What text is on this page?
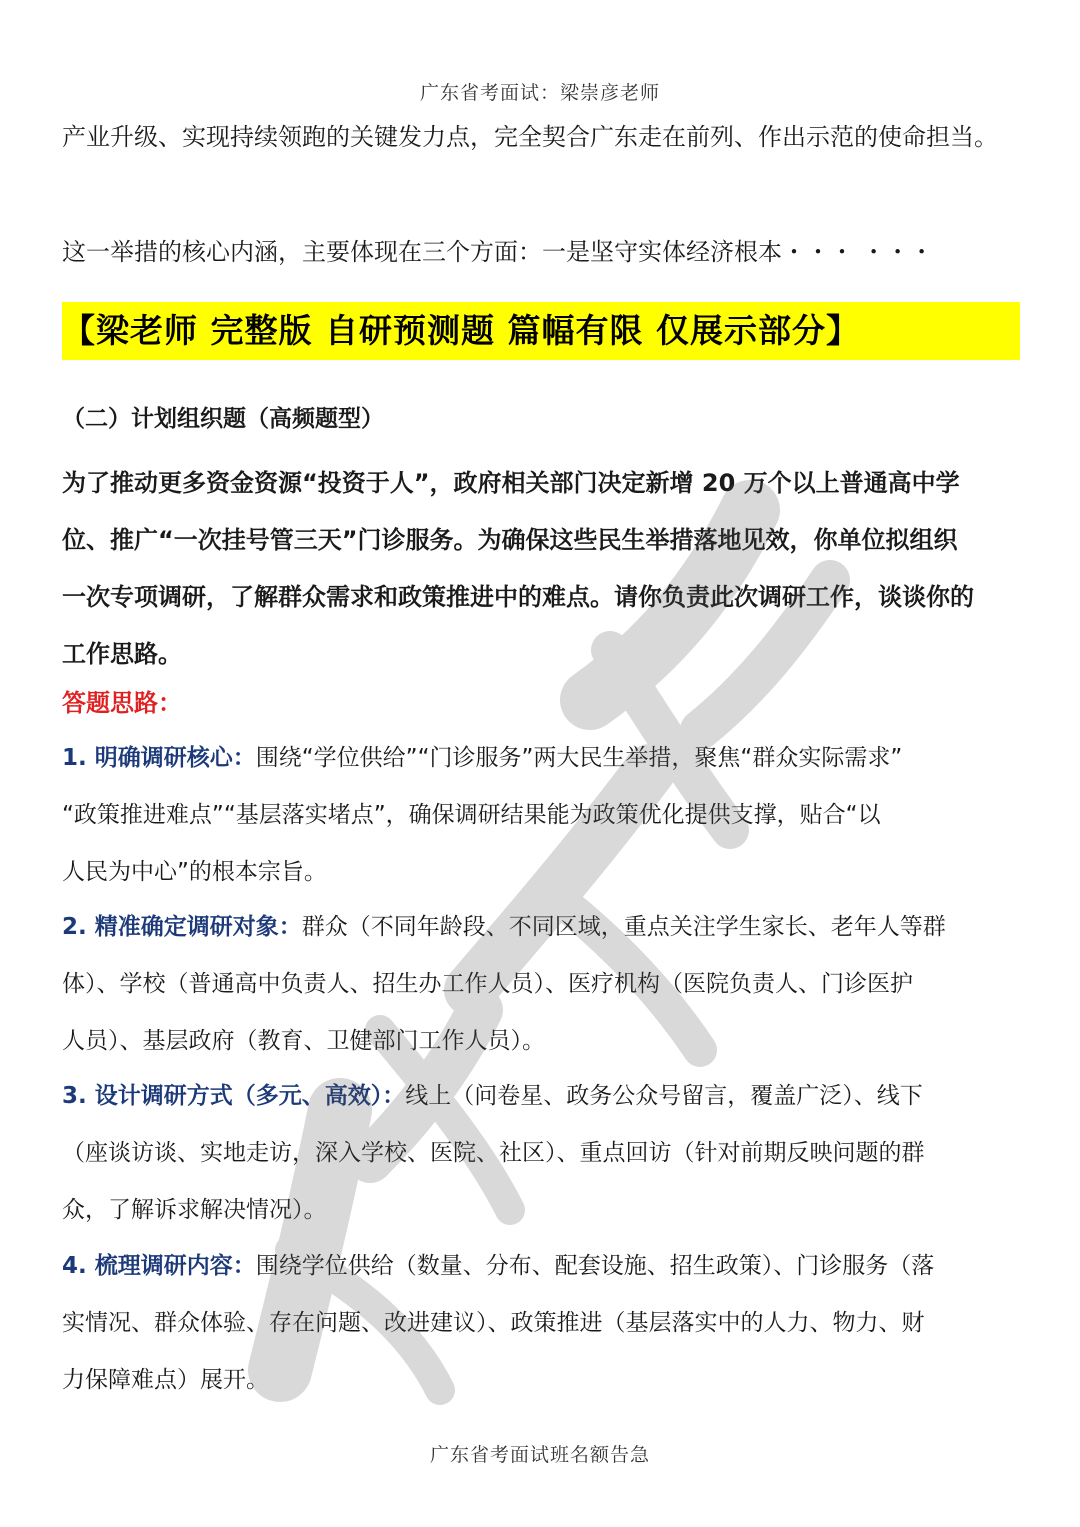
广东省考面试：梁崇彦老师
产业升级、实现持续领跑的关键发力点，完全契合广东走在前列、作出示范的使命担当。
这一举措的核心内涵，主要体现在三个方面：一是坚守实体经济根本・・・ ・・・
【梁老师 完整版 自研预测题 篇幅有限 仅展示部分】
（二）计划组织题（高频题型）
为了推动更多资金资源“投资于人”，政府相关部门决定新增 20 万个以上普通高中学
位、推广“一次挂号管三天”门诊服务。为确保这些民生举措落地见效，你单位拟组织
一次专项调研，了解群众需求和政策推进中的难点。请你负责此次调研工作，谈谈你的
工作思路。
答题思路：
1. 明确调研核心：围绕“学位供给”“门诊服务”两大民生举措，聚焦“群众实际需求”
“政策推进难点”“基层落实堵点”，确保调研结果能为政策优化提供支撑，贴合“以
人民为中心”的根本宗旨。
2. 精准确定调研对象：群众（不同年龄段、不同区域，重点关注学生家长、老年人等群
体）、学校（普通高中负责人、招生办工作人员）、医疗机构（医院负责人、门诊医护
人员）、基层政府（教育、卫健部门工作人员）。
3. 设计调研方式（多元、高效）：线上（问卷星、政务公众号留言，覆盖广泛）、线下
（座谈访谈、实地走访，深入学校、医院、社区）、重点回访（针对前期反映问题的群
众，了解诉求解决情况）。
4. 梳理调研内容：围绕学位供给（数量、分布、配套设施、招生政策）、门诊服务（落
实情况、群众体验、存在问题、改进建议）、政策推进（基层落实中的人力、物力、财
力保障难点）展开。
广东省考面试班名额告急
